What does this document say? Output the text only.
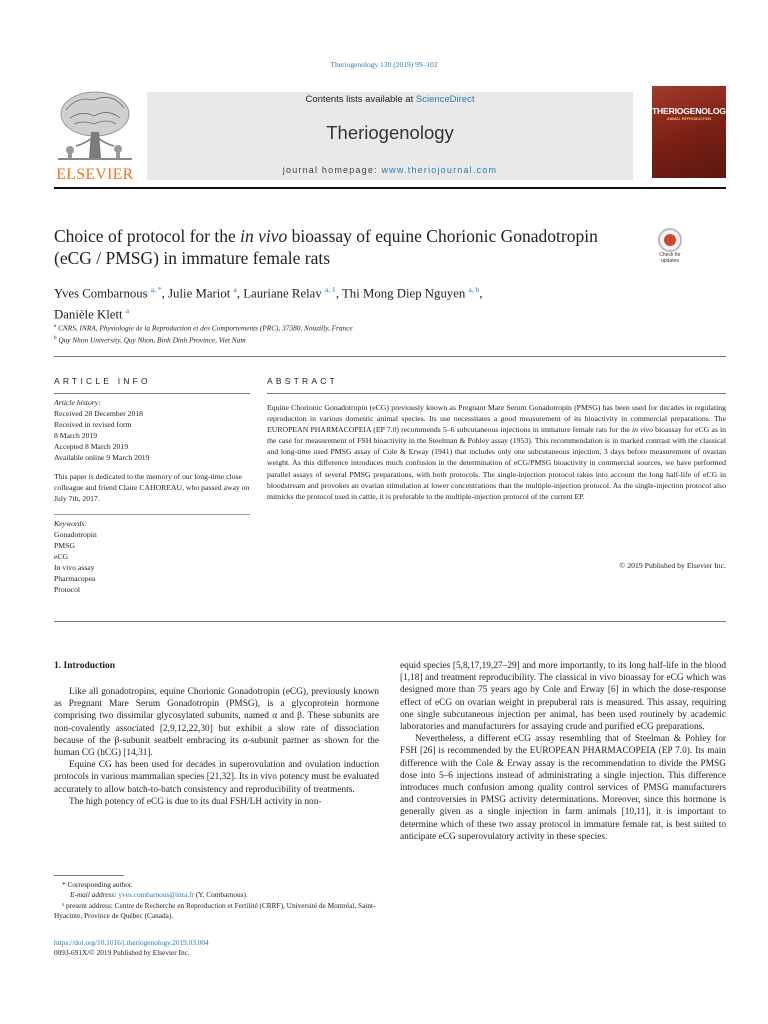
Theriogenology 130 (2019) 99–102
ELSEVIER
Contents lists available at ScienceDirect
Theriogenology
journal homepage: www.theriojournal.com
THERIOGENOLOGY
ANIMAL REPRODUCTION
Choice of protocol for the in vivo bioassay of equine Chorionic Gonadotropin (eCG / PMSG) in immature female rats	Check for updates
Yves Combarnous $^{a, *}$, Julie Mariot $^a$, Lauriane Relav $^{a, 1}$, Thi Mong Diep Nguyen $^{a, b}$,
Danièle Klett $^a$
$^a$ CNRS, INRA, Physiologie de la Reproduction et des Comportements (PRC), 37380, Nouzilly, France
$^b$ Quy Nhon University, Quy Nhon, Binh Dinh Province, Viet Nam
ARTICLE INFO	ABSTRACT
Article history:
Received 28 December 2018
Received in revised form
8 March 2019
Accepted 8 March 2019
Available online 9 March 2019
This paper is dedicated to the memory of our long-time close colleague and friend Claire CAHOREAU, who passed away on July 7th, 2017.
Keywords:
Gonadotropin
PMSG
eCG
In vivo assay
Pharmacopea
Protocol
Equine Chorionic Gonadotropin (eCG) previously known as Pregnant Mare Serum Gonadotropin (PMSG) has been used for decades in regulating reproduction in various domestic animal species. Its use necessitates a good measurement of its bioactivity in commercial preparations. The EUROPEAN PHARMACOPEIA (EP 7.0) recommends 5–6 subcutaneous injections in immature female rats for the in vivo bioassay for eCG as in the case for measurement of FSH bioactivity in the Steelman & Pohley assay (1953). This recommendation is in marked contrast with the classical and long-time used PMSG assay of Cole & Erway (1941) that includes only one subcutaneous injection, 3 days before measurement of ovarian weight. As this difference introduces much confusion in the determination of eCG/PMSG bioactivity in commercial sources, we have performed parallel assays of several PMSG preparations, with both protocols. The single-injection protocol takes into account the long half-life of eCG in bloodstream and provokes an ovarian stimulation at lower concentrations than the multiple-injection protocol. As the single-injection protocol also mimicks the protocol used in cattle, it is preferable to the multiple-injection protocol of the current EP.
© 2019 Published by Elsevier Inc.
1. Introduction

Like all gonadotropins, equine Chorionic Gonadotropin (eCG), previously known as Pregnant Mare Serum Gonadotropin (PMSG), is a glycoprotein hormone comprising two dissimilar glycosylated subunits, named α and β. These subunits are non-covalently associated [2,9,12,22,30] but exhibit a slow rate of dissociation because of the β-subunit seatbelt embracing its α-subunit partner as shown for the human CG (hCG) [14,31].

Equine CG has been used for decades in superovulation and ovulation induction protocols in various mammalian species [21,32]. Its in vivo potency must be evaluated accurately to allow batch-to-batch consistency and reproducibility of treatments.

The high potency of eCG is due to its dual FSH/LH activity in non-

equid species [5,8,17,19,27–29] and more importantly, to its long half-life in the blood [1,18] and treatment reproducibility. The classical in vivo bioassay for eCG which was designed more than 75 years ago by Cole and Erway [6] in which the dose-response effect of eCG on ovarian weight in prepuberal rats is measured. This assay, requiring one single subcutaneous injection per animal, has been used routinely by academic laboratories and manufacturers for assaying crude and purified eCG preparations.

Nevertheless, a different eCG assay resembling that of Steelman & Pohley for FSH [26] is recommended by the EUROPEAN PHARMACOPEIA (EP 7.0). Its main difference with the Cole & Erway assay is the recommendation to divide the PMSG dose into 5–6 injections instead of administrating a single injection. This difference introduces much confusion among quality control services of PMSG manufacturers and controversies in PMSG activity determinations. Moreover, since this hormone is generally given as a single injection in farm animals [10,11], it is important to determine which of these two assay protocol in immature female rat, is best suited to anticipate eCG superovulatory activity in these species.

* Corresponding author.
E-mail address: yves.combarnous@inra.fr (Y. Combarnous).
¹ present address: Centre de Recherche en Reproduction et Fertilité (CRRF), Université de Montréal, Saint-Hyacinte, Province de Québec (Canada).
https://doi.org/10.1016/j.theriogenology.2019.03.004
0093-691X/© 2019 Published by Elsevier Inc.
